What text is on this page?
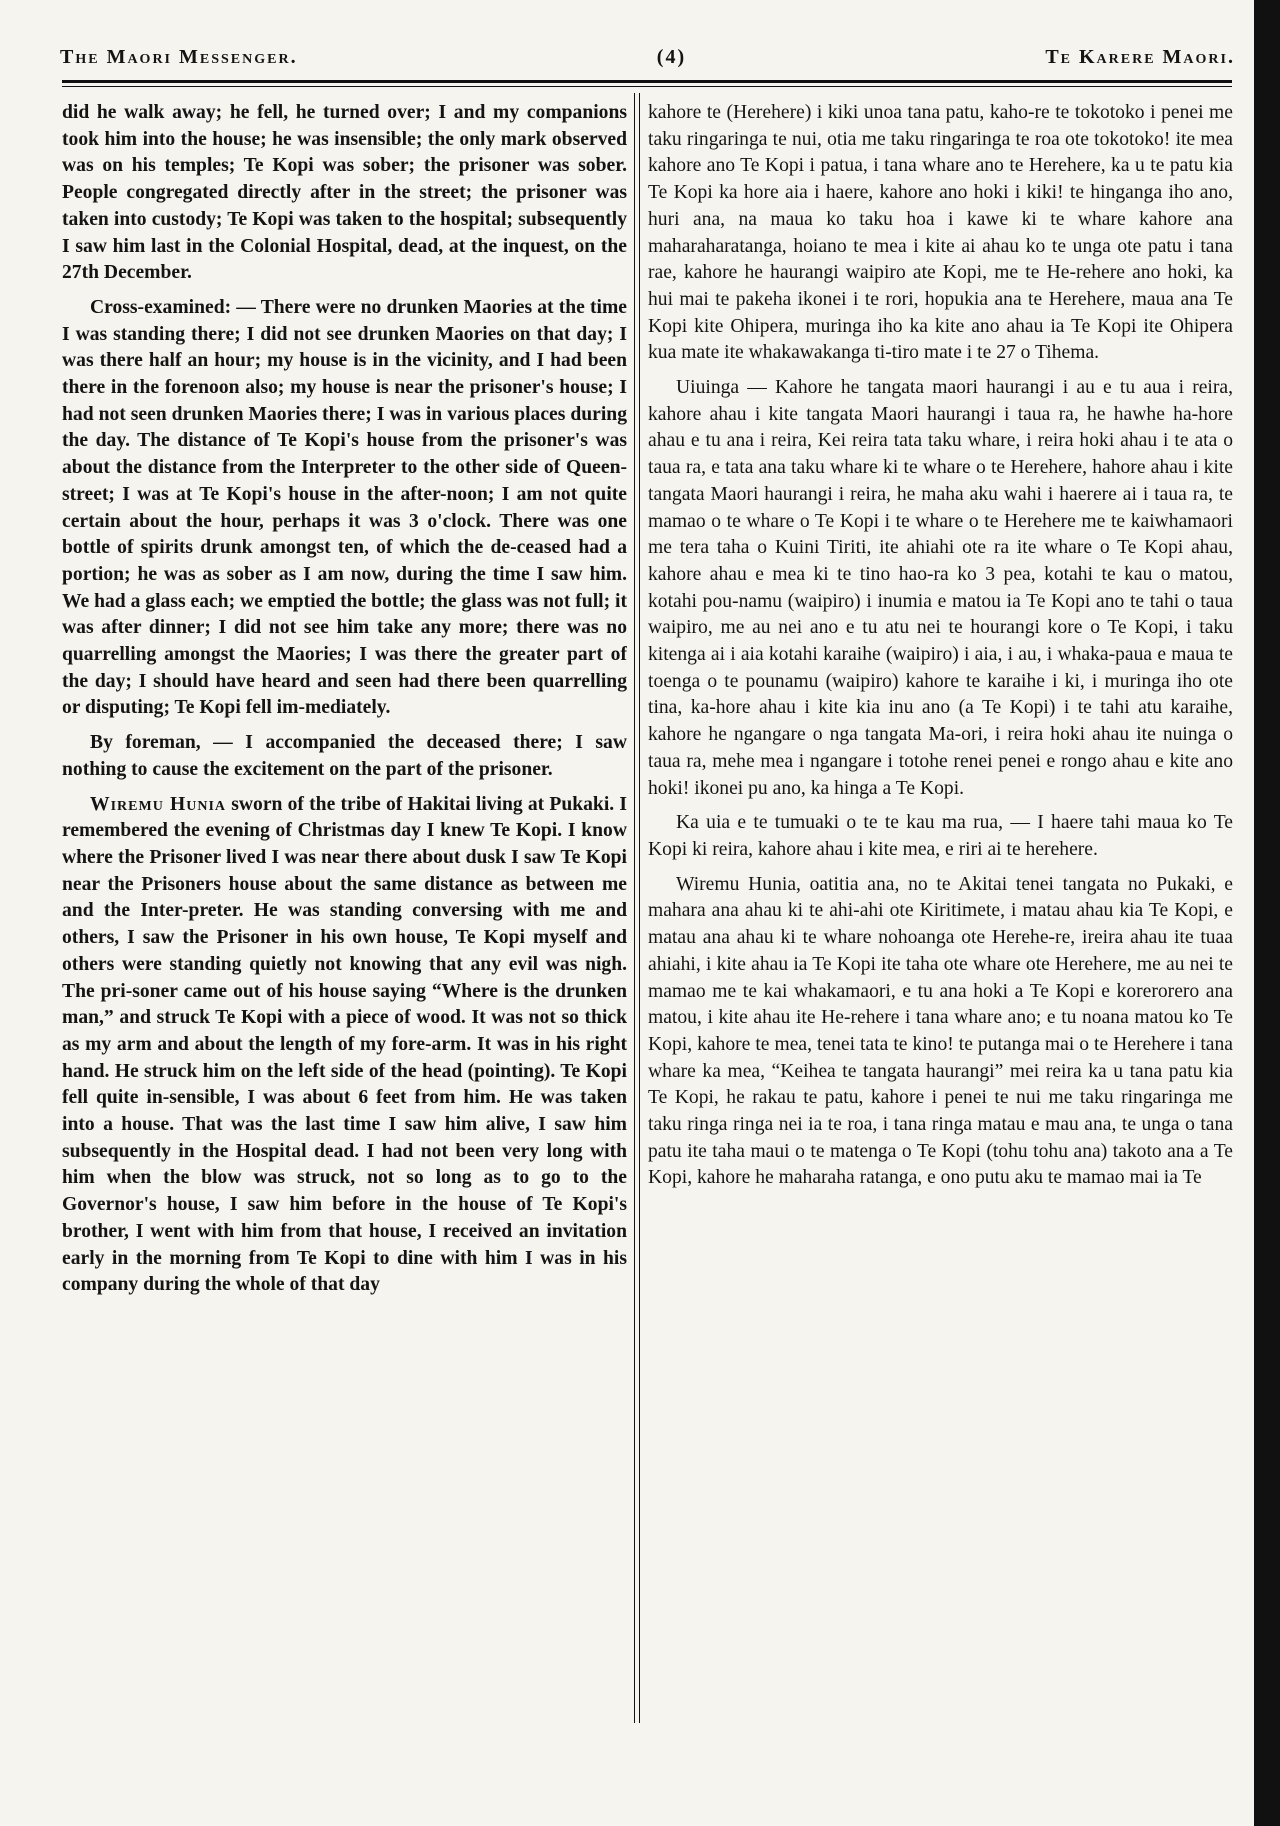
The Maori Messenger.	(4)	Te Karere Maori.

did he walk away; he fell, he turned over; I and my companions took him into the house; he was insensible; the only mark observed was on his temples; Te Kopi was sober; the prisoner was sober. People congregated directly after in the street; the prisoner was taken into custody; Te Kopi was taken to the hospital; subsequently I saw him last in the Colonial Hospital, dead, at the inquest, on the 27th December.

Cross-examined: — There were no drunken Maories at the time I was standing there; I did not see drunken Maories on that day; I was there half an hour; my house is in the vicinity, and I had been there in the forenoon also; my house is near the prisoner's house; I had not seen drunken Maories there; I was in various places during the day. The distance of Te Kopi's house from the prisoner's was about the distance from the Interpreter to the other side of Queen-street; I was at Te Kopi's house in the after-noon; I am not quite certain about the hour, perhaps it was 3 o'clock. There was one bottle of spirits drunk amongst ten, of which the de-ceased had a portion; he was as sober as I am now, during the time I saw him. We had a glass each; we emptied the bottle; the glass was not full; it was after dinner; I did not see him take any more; there was no quarrelling amongst the Maories; I was there the greater part of the day; I should have heard and seen had there been quarrelling or disputing; Te Kopi fell im-mediately.

By foreman, — I accompanied the deceased there; I saw nothing to cause the excitement on the part of the prisoner.

Wiremu Hunia sworn of the tribe of Hakitai living at Pukaki. I remembered the evening of Christmas day I knew Te Kopi. I know where the Prisoner lived I was near there about dusk I saw Te Kopi near the Prisoners house about the same distance as between me and the Inter-preter. He was standing conversing with me and others, I saw the Prisoner in his own house, Te Kopi myself and others were standing quietly not knowing that any evil was nigh. The pri-soner came out of his house saying “Where is the drunken man,” and struck Te Kopi with a piece of wood. It was not so thick as my arm and about the length of my fore-arm. It was in his right hand. He struck him on the left side of the head (pointing). Te Kopi fell quite in-sensible, I was about 6 feet from him. He was taken into a house. That was the last time I saw him alive, I saw him subsequently in the Hospital dead. I had not been very long with him when the blow was struck, not so long as to go to the Governor's house, I saw him before in the house of Te Kopi's brother, I went with him from that house, I received an invitation early in the morning from Te Kopi to dine with him I was in his company during the whole of that day

kahore te (Herehere) i kiki unoa tana patu, kaho-re te tokotoko i penei me taku ringaringa te nui, otia me taku ringaringa te roa ote tokotoko! ite mea kahore ano Te Kopi i patua, i tana whare ano te Herehere, ka u te patu kia Te Kopi ka hore aia i haere, kahore ano hoki i kiki! te hinganga iho ano, huri ana, na maua ko taku hoa i kawe ki te whare kahore ana maharaharatanga, hoiano te mea i kite ai ahau ko te unga ote patu i tana rae, kahore he haurangi waipiro ate Kopi, me te He-rehere ano hoki, ka hui mai te pakeha ikonei i te rori, hopukia ana te Herehere, maua ana Te Kopi kite Ohipera, muringa iho ka kite ano ahau ia Te Kopi ite Ohipera kua mate ite whakawakanga ti-tiro mate i te 27 o Tihema.

Uiuinga — Kahore he tangata maori haurangi i au e tu aua i reira, kahore ahau i kite tangata Maori haurangi i taua ra, he hawhe ha-hore ahau e tu ana i reira, Kei reira tata taku whare, i reira hoki ahau i te ata o taua ra, e tata ana taku whare ki te whare o te Herehere, hahore ahau i kite tangata Maori haurangi i reira, he maha aku wahi i haerere ai i taua ra, te mamao o te whare o Te Kopi i te whare o te Herehere me te kaiwhamaori me tera taha o Kuini Tiriti, ite ahiahi ote ra ite whare o Te Kopi ahau, kahore ahau e mea ki te tino hao-ra ko 3 pea, kotahi te kau o matou, kotahi pou-namu (waipiro) i inumia e matou ia Te Kopi ano te tahi o taua waipiro, me au nei ano e tu atu nei te hourangi kore o Te Kopi, i taku kitenga ai i aia kotahi karaihe (waipiro) i aia, i au, i whaka-paua e maua te toenga o te pounamu (waipiro) kahore te karaihe i ki, i muringa iho ote tina, ka-hore ahau i kite kia inu ano (a Te Kopi) i te tahi atu karaihe, kahore he ngangare o nga tangata Ma-ori, i reira hoki ahau ite nuinga o taua ra, mehe mea i ngangare i totohe renei penei e rongo ahau e kite ano hoki! ikonei pu ano, ka hinga a Te Kopi.

Ka uia e te tumuaki o te te kau ma rua, — I haere tahi maua ko Te Kopi ki reira, kahore ahau i kite mea, e riri ai te herehere.

Wiremu Hunia, oatitia ana, no te Akitai tenei tangata no Pukaki, e mahara ana ahau ki te ahi-ahi ote Kiritimete, i matau ahau kia Te Kopi, e matau ana ahau ki te whare nohoanga ote Herehe-re, ireira ahau ite tuaa ahiahi, i kite ahau ia Te Kopi ite taha ote whare ote Herehere, me au nei te mamao me te kai whakamaori, e tu ana hoki a Te Kopi e korerorero ana matou, i kite ahau ite He-rehere i tana whare ano; e tu noana matou ko Te Kopi, kahore te mea, tenei tata te kino! te putanga mai o te Herehere i tana whare ka mea, “Keihea te tangata haurangi” mei reira ka u tana patu kia Te Kopi, he rakau te patu, kahore i penei te nui me taku ringaringa me taku ringa ringa nei ia te roa, i tana ringa matau e mau ana, te unga o tana patu ite taha maui o te matenga o Te Kopi (tohu tohu ana) takoto ana a Te Kopi, kahore he maharaha ratanga, e ono putu aku te mamao mai ia Te
